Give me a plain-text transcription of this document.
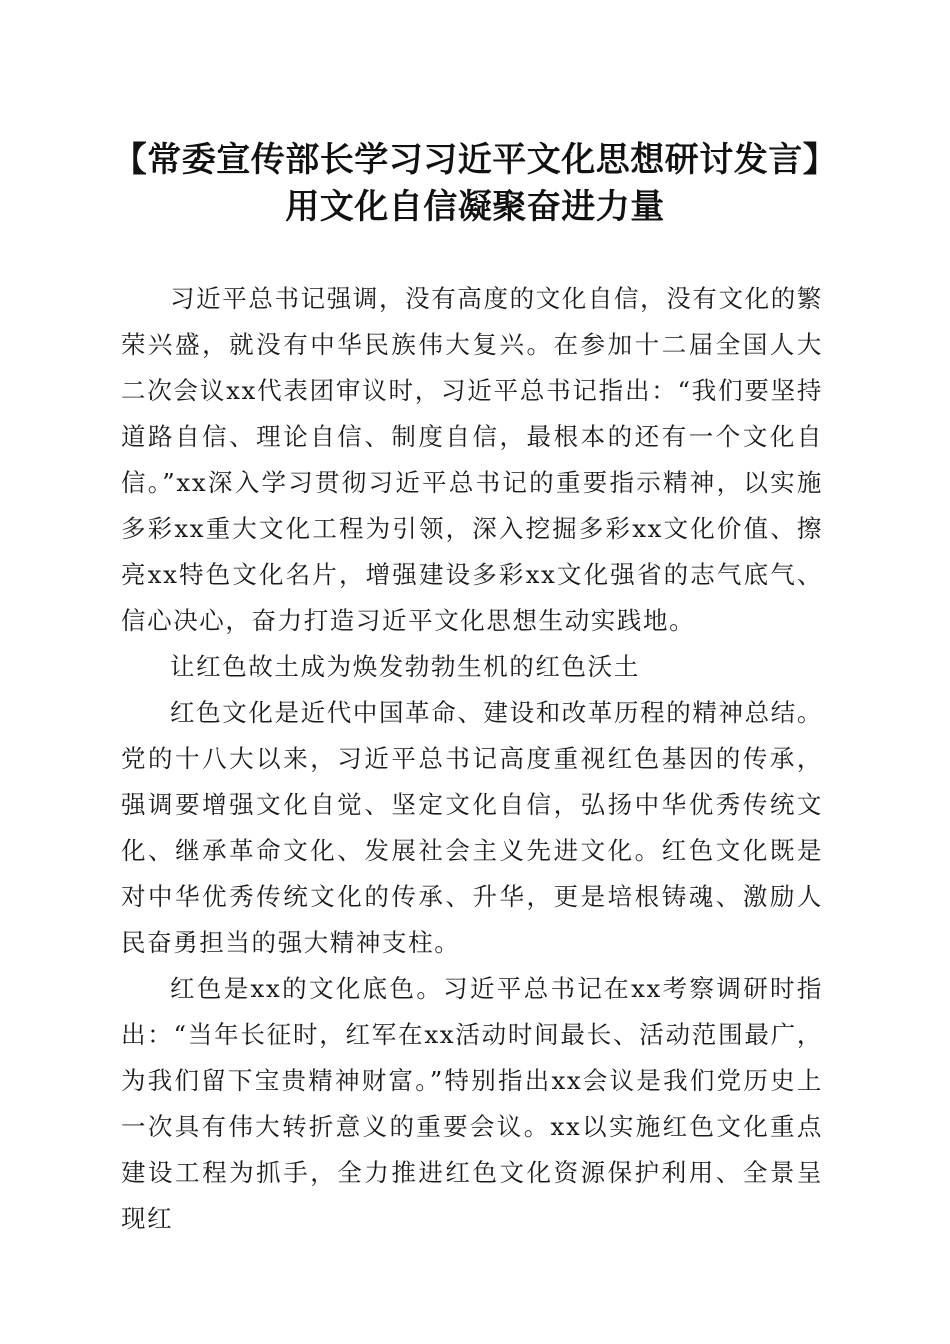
【常委宣传部长学习习近平文化思想研讨发言】用文化自信凝聚奋进力量

习近平总书记强调，没有高度的文化自信，没有文化的繁荣兴盛，就没有中华民族伟大复兴。在参加十二届全国人大二次会议xx代表团审议时，习近平总书记指出：“我们要坚持道路自信、理论自信、制度自信，最根本的还有一个文化自信。”xx深入学习贯彻习近平总书记的重要指示精神，以实施多彩xx重大文化工程为引领，深入挖掘多彩xx文化价值、擦亮xx特色文化名片，增强建设多彩xx文化强省的志气底气、信心决心，奋力打造习近平文化思想生动实践地。

让红色故土成为焕发勃勃生机的红色沃土

红色文化是近代中国革命、建设和改革历程的精神总结。党的十八大以来，习近平总书记高度重视红色基因的传承，强调要增强文化自觉、坚定文化自信，弘扬中华优秀传统文化、继承革命文化、发展社会主义先进文化。红色文化既是对中华优秀传统文化的传承、升华，更是培根铸魂、激励人民奋勇担当的强大精神支柱。

红色是xx的文化底色。习近平总书记在xx考察调研时指出：“当年长征时，红军在xx活动时间最长、活动范围最广，为我们留下宝贵精神财富。”特别指出xx会议是我们党历史上一次具有伟大转折意义的重要会议。xx以实施红色文化重点建设工程为抓手，全力推进红色文化资源保护利用、全景呈现红
